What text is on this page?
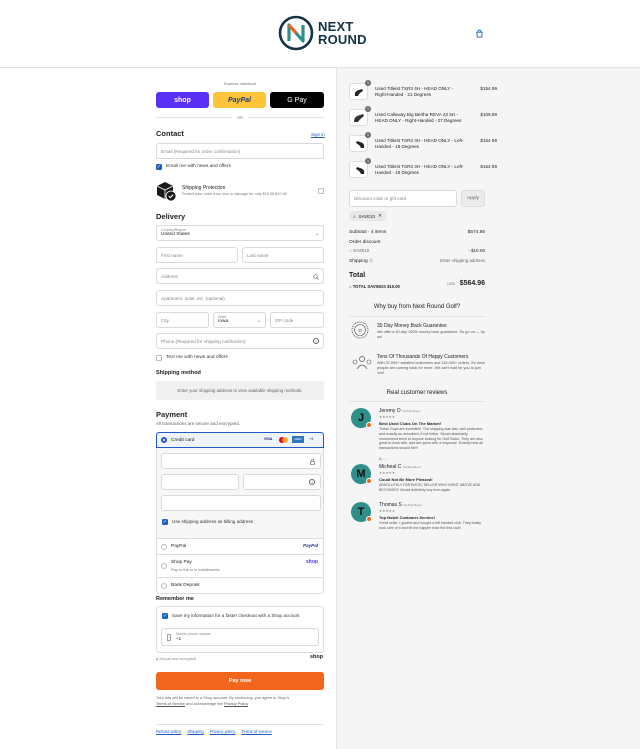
NEXT
ROUND
Express checkout
shop	PayPal	G Pay
OR
Contact	Sign in
Email (Required for order confirmation)
✓ Email me with news and offers
Shipping Protection
Protect your order from loss or damage for only $10.96 $10.96
Delivery
Country/Region
United States	⌄
First name	Last name
Address
Apartment, suite, etc. (optional)
City
State
Iowa	⌄	ZIP code
Phone (Required for shipping notification)	?
Text me with news and offers
Shipping method
Enter your shipping address to view available shipping methods.
Payment
All transactions are secure and encrypted.
Credit card	VISA	AMEX	+4
?
✓ Use shipping address as billing address
PayPal	PayPal
Shop Pay
Pay in full or in installments
shop
Bank Deposit
Remember me
✓ Save my information for a faster checkout with a Shop account
Mobile phone number
+1
🔒︎ Secure and encrypted	shop
Pay now
Your info will be saved to a Shop account. By continuing, you agree to Shop's
Terms of Service and acknowledge the Privacy Policy.
Refund policy Shipping Privacy policy Terms of service
1
Used Titleist TSR3 4H - HEAD ONLY - Right-Handed - 21 Degrees
$154.99
1
Used Callaway Big Bertha REVA 23 5H - HEAD ONLY - Right-Handed - 27 Degrees
$109.99
1
Used Titleist TSR3 3H - HEAD ONLY - Left-Handed - 19 Degrees
$154.99
1
Used Titleist TSR3 3H - HEAD ONLY - Left-Handed - 19 Degrees
$154.99
Discount code or gift card	Apply
⌂ SAVE10 ✕
Subtotal · 4 items	$574.96
Order discount
⌂ SAVE10	- $10.00
Shipping ⓘ	Enter shipping address
Total
USD $564.96
⌂ TOTAL SAVINGS $10.00
Why buy from Next Round Golf?
30
30 Day Money Back Guarantee
We offer a 30-day 100% money back guarantee. So go on — try us!
Tens Of Thousands Of Happy Customers
With 37,000+ satisfied customers and 110,000+ orders, it's clear people are coming back for more. We can't wait for you to join 'em!
Real customer reviews
J
Jeremy O Verified Buyer
★★★★★
Best Used Clubs On The Market!
These Guys are incredible. The shipping was fast, well protected, and exactly as described, if not better. Would absolutely recommend them to anyone looking for Golf Clubs. They are also great to work with, and are quick with a response. Exactly how all transactions should be!!!
A......
M
Micheal C Verified Buyer
★★★★★
Could Not Be More Pleased!
ABSOLUTELY FANTASTIC SELLER WHO WENT ABOVE AND BEYOND!!!!! Would definitely buy from again
T
Thomas S Verified Buyer
★★★★★
Top Notch Customer Service!
Great seller. I goofed and bought a left handed club. They totally took care of it and let me happier than the first club!
